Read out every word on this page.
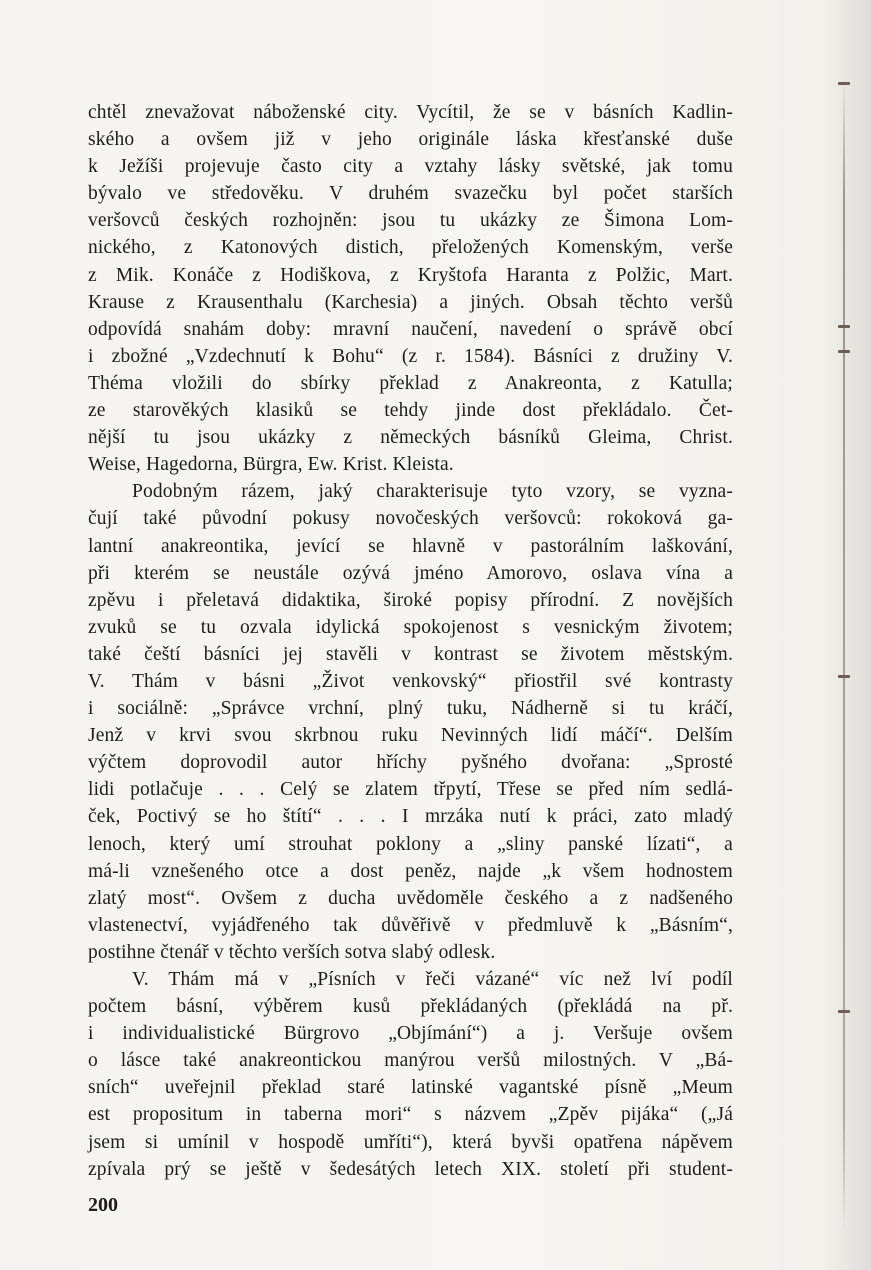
chtěl znevažovat náboženské city. Vycítil, že se v básních Kadlin-
ského a ovšem již v jeho originále láska křesťanské duše
k Ježíši projevuje často city a vztahy lásky světské, jak tomu
bývalo ve středověku. V druhém svazečku byl počet starších
veršovců českých rozhojněn: jsou tu ukázky ze Šimona Lom-
nického, z Katonových distich, přeložených Komenským, verše
z Mik. Konáče z Hodiškova, z Kryštofa Haranta z Polžic, Mart.
Krause z Krausenthalu (Karchesia) a jiných. Obsah těchto veršů
odpovídá snahám doby: mravní naučení, navedení o správě obcí
i zbožné „Vzdechnutí k Bohu“ (z r. 1584). Básníci z družiny V.
Théma vložili do sbírky překlad z Anakreonta, z Katulla;
ze starověkých klasiků se tehdy jinde dost překládalo. Čet-
nější tu jsou ukázky z německých básníků Gleima, Christ.
Weise, Hagedorna, Bürgra, Ew. Krist. Kleista.
Podobným rázem, jaký charakterisuje tyto vzory, se vyzna-
čují také původní pokusy novočeských veršovců: rokoková ga-
lantní anakreontika, jevící se hlavně v pastorálním laškování,
při kterém se neustále ozývá jméno Amorovo, oslava vína a
zpěvu i přeletavá didaktika, široké popisy přírodní. Z novějších
zvuků se tu ozvala idylická spokojenost s vesnickým životem;
také čeští básníci jej stavěli v kontrast se životem městským.
V. Thám v básni „Život venkovský“ přiostřil své kontrasty
i sociálně: „Správce vrchní, plný tuku, Nádherně si tu kráčí,
Jenž v krvi svou skrbnou ruku Nevinných lidí máčí“. Delším
výčtem doprovodil autor hříchy pyšného dvořana: „Sprosté
lidi potlačuje . . . Celý se zlatem třpytí, Třese se před ním sedlá-
ček, Poctivý se ho štítí“ . . . I mrzáka nutí k práci, zato mladý
lenoch, který umí strouhat poklony a „sliny panské lízati“, a
má-li vznešeného otce a dost peněz, najde „k všem hodnostem
zlatý most“. Ovšem z ducha uvědoměle českého a z nadšeného
vlastenectví, vyjádřeného tak důvěřivě v předmluvě k „Básním“,
postihne čtenář v těchto verších sotva slabý odlesk.
V. Thám má v „Písních v řeči vázané“ víc než lví podíl
počtem básní, výběrem kusů překládaných (překládá na př.
i individualistické Bürgrovo „Objímání“) a j. Veršuje ovšem
o lásce také anakreontickou manýrou veršů milostných. V „Bá-
sních“ uveřejnil překlad staré latinské vagantské písně „Meum
est propositum in taberna mori“ s názvem „Zpěv pijáka“ („Já
jsem si umínil v hospodě umříti“), která byvši opatřena nápěvem
zpívala prý se ještě v šedesátých letech XIX. století při student-
200
